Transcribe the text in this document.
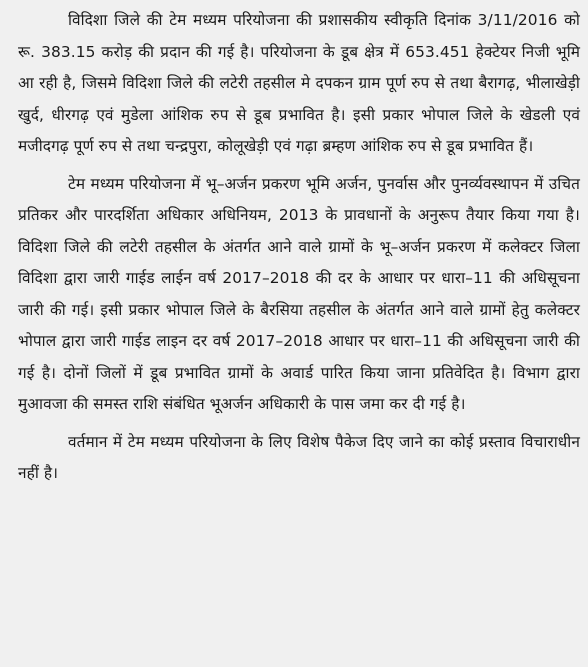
विदिशा जिले की टेम मध्यम परियोजना की प्रशासकीय स्वीकृति दिनांक 3/11/2016 को रू. 383.15 करोड़ की प्रदान की गई है। परियोजना के डूब क्षेत्र में 653.451 हेक्टेयर निजी भूमि आ रही है, जिसमे विदिशा जिले की लटेरी तहसील मे दपकन ग्राम पूर्ण रुप से तथा बैरागढ़, भीलाखेड़ी खुर्द, धीरगढ़ एवं मुडेला आंशिक रुप से डूब प्रभावित है। इसी प्रकार भोपाल जिले के खेडली एवं मजीदगढ़ पूर्ण रुप से तथा चन्द्रपुरा, कोलूखेड़ी एवं गढ़ा ब्रम्हण आंशिक रुप से डूब प्रभावित हैं।

टेम मध्यम परियोजना में भू–अर्जन प्रकरण भूमि अर्जन, पुनर्वास और पुनर्व्यवस्थापन में उचित प्रतिकर और पारदर्शिता अधिकार अधिनियम, 2013 के प्रावधानों के अनुरूप तैयार किया गया है। विदिशा जिले की लटेरी तहसील के अंतर्गत आने वाले ग्रामों के भू–अर्जन प्रकरण में कलेक्टर जिला विदिशा द्वारा जारी गाईड लाईन वर्ष 2017–2018 की दर के आधार पर धारा–11 की अधिसूचना जारी की गई। इसी प्रकार भोपाल जिले के बैरसिया तहसील के अंतर्गत आने वाले ग्रामों हेतु कलेक्टर भोपाल द्वारा जारी गाईड लाइन दर वर्ष 2017–2018 आधार पर धारा–11 की अधिसूचना जारी की गई है। दोनों जिलों में डूब प्रभावित ग्रामों के अवार्ड पारित किया जाना प्रतिवेदित है। विभाग द्वारा मुआवजा की समस्त राशि संबंधित भूअर्जन अधिकारी के पास जमा कर दी गई है।

वर्तमान में टेम मध्यम परियोजना के लिए विशेष पैकेज दिए जाने का कोई प्रस्ताव विचाराधीन नहीं है।
